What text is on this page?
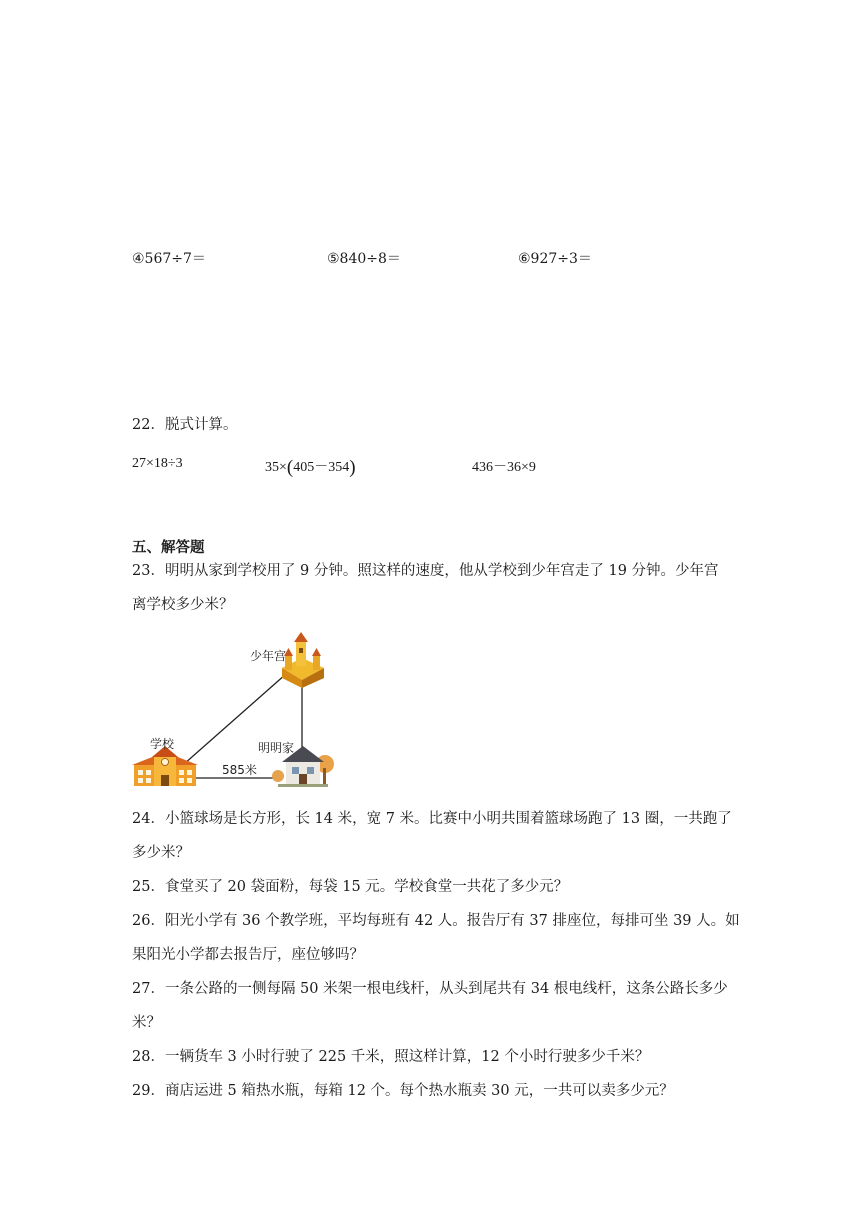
④567÷7＝	⑤840÷8＝	⑥927÷3＝
22．脱式计算。
27×18÷3	35×(405－354)	436－36×9
五、解答题
23．明明从家到学校用了 9 分钟。照这样的速度，他从学校到少年宫走了 19 分钟。少年宫
离学校多少米？
少年宫
学校	明明家
585米
24．小篮球场是长方形，长 14 米，宽 7 米。比赛中小明共围着篮球场跑了 13 圈，一共跑了
多少米？
25．食堂买了 20 袋面粉，每袋 15 元。学校食堂一共花了多少元？
26．阳光小学有 36 个教学班，平均每班有 42 人。报告厅有 37 排座位，每排可坐 39 人。如
果阳光小学都去报告厅，座位够吗？
27．一条公路的一侧每隔 50 米架一根电线杆，从头到尾共有 34 根电线杆，这条公路长多少
米？
28．一辆货车 3 小时行驶了 225 千米，照这样计算，12 个小时行驶多少千米？
29．商店运进 5 箱热水瓶，每箱 12 个。每个热水瓶卖 30 元，一共可以卖多少元？
